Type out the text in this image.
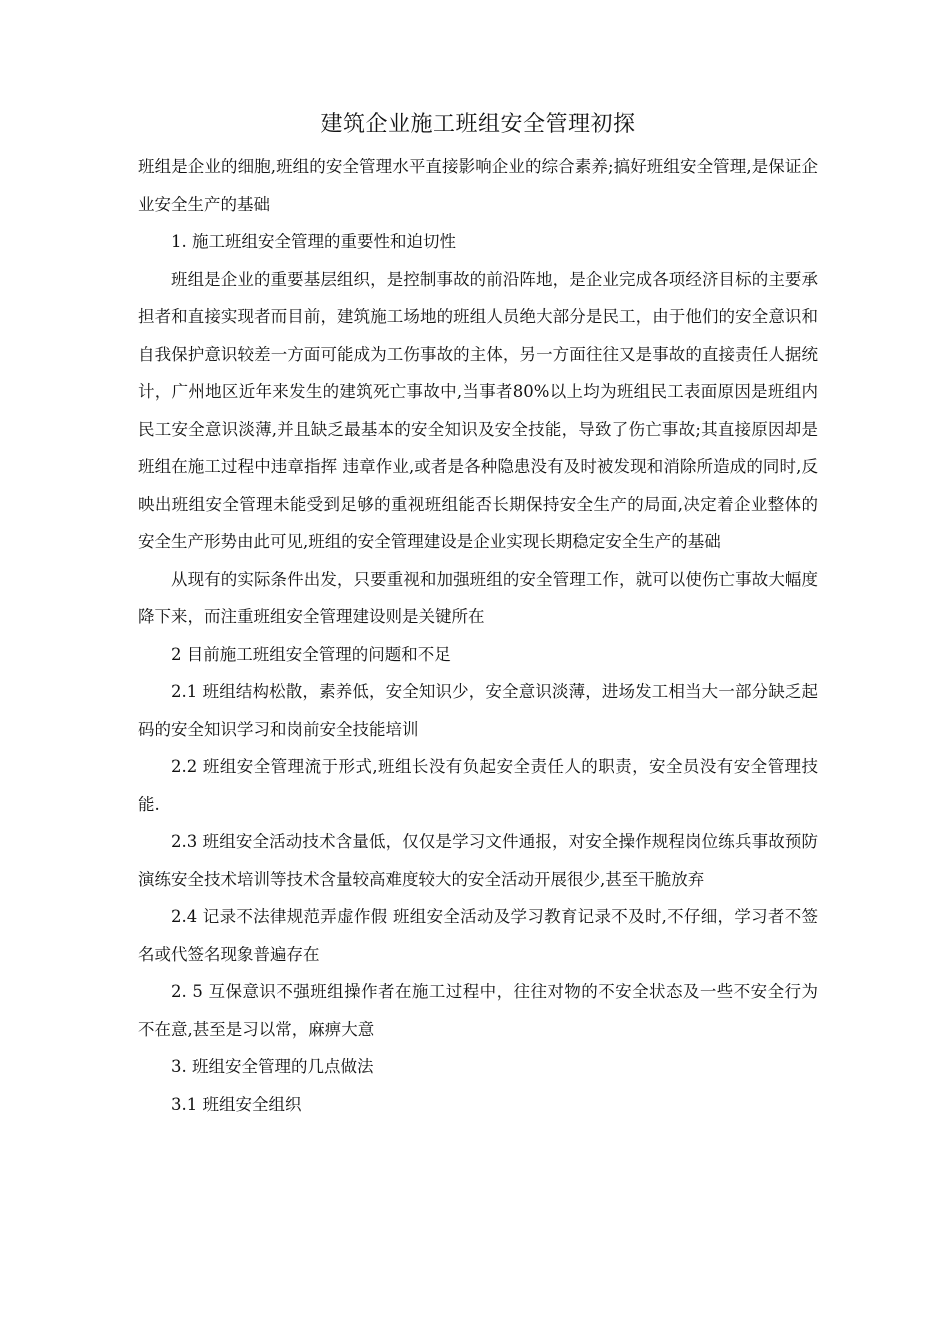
建筑企业施工班组安全管理初探

班组是企业的细胞,班组的安全管理水平直接影响企业的综合素养;搞好班组安全管理,是保证企业安全生产的基础

1. 施工班组安全管理的重要性和迫切性

班组是企业的重要基层组织，是控制事故的前沿阵地，是企业完成各项经济目标的主要承担者和直接实现者而目前，建筑施工场地的班组人员绝大部分是民工，由于他们的安全意识和自我保护意识较差一方面可能成为工伤事故的主体，另一方面往往又是事故的直接责任人据统计，广州地区近年来发生的建筑死亡事故中,当事者80%以上均为班组民工表面原因是班组内民工安全意识淡薄,并且缺乏最基本的安全知识及安全技能，导致了伤亡事故;其直接原因却是班组在施工过程中违章指挥 违章作业,或者是各种隐患没有及时被发现和消除所造成的同时,反映出班组安全管理未能受到足够的重视班组能否长期保持安全生产的局面,决定着企业整体的安全生产形势由此可见,班组的安全管理建设是企业实现长期稳定安全生产的基础

从现有的实际条件出发，只要重视和加强班组的安全管理工作，就可以使伤亡事故大幅度降下来，而注重班组安全管理建设则是关键所在

2 目前施工班组安全管理的问题和不足

2.1 班组结构松散，素养低，安全知识少，安全意识淡薄，进场发工相当大一部分缺乏起码的安全知识学习和岗前安全技能培训

2.2 班组安全管理流于形式,班组长没有负起安全责任人的职责，安全员没有安全管理技能.

2.3 班组安全活动技术含量低，仅仅是学习文件通报，对安全操作规程岗位练兵事故预防演练安全技术培训等技术含量较高难度较大的安全活动开展很少,甚至干脆放弃

2.4 记录不法律规范弄虚作假 班组安全活动及学习教育记录不及时,不仔细，学习者不签名或代签名现象普遍存在

2. 5 互保意识不强班组操作者在施工过程中，往往对物的不安全状态及一些不安全行为不在意,甚至是习以常，麻痹大意

3. 班组安全管理的几点做法

3.1 班组安全组织
